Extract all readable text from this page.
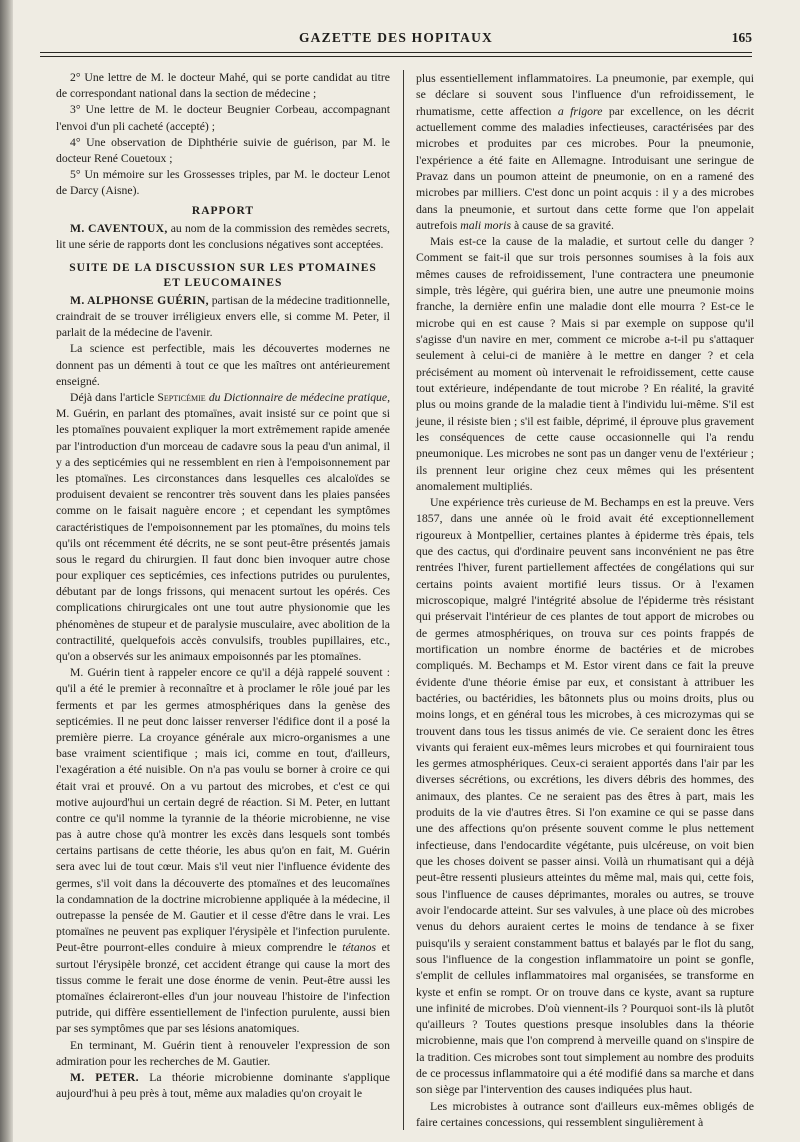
GAZETTE DES HOPITAUX	165

2° Une lettre de M. le docteur Mahé, qui se porte candidat au titre de correspondant national dans la section de médecine ;

3° Une lettre de M. le docteur Beugnier Corbeau, accompagnant l'envoi d'un pli cacheté (accepté) ;

4° Une observation de Diphthérie suivie de guérison, par M. le docteur René Couetoux ;

5° Un mémoire sur les Grossesses triples, par M. le docteur Lenot de Darcy (Aisne).

RAPPORT

M. CAVENTOUX, au nom de la commission des remèdes secrets, lit une série de rapports dont les conclusions négatives sont acceptées.

SUITE DE LA DISCUSSION SUR LES PTOMAINES
ET LEUCOMAINES

M. ALPHONSE GUÉRIN, partisan de la médecine traditionnelle, craindrait de se trouver irréligieux envers elle, si comme M. Peter, il parlait de la médecine de l'avenir.

La science est perfectible, mais les découvertes modernes ne donnent pas un démenti à tout ce que les maîtres ont antérieurement enseigné.

Déjà dans l'article Septicémie du Dictionnaire de médecine pratique, M. Guérin, en parlant des ptomaïnes, avait insisté sur ce point que si les ptomaïnes pouvaient expliquer la mort extrêmement rapide amenée par l'introduction d'un morceau de cadavre sous la peau d'un animal, il y a des septicémies qui ne ressemblent en rien à l'empoisonnement par les ptomaïnes. Les circonstances dans lesquelles ces alcaloïdes se produisent devaient se rencontrer très souvent dans les plaies pansées comme on le faisait naguère encore ; et cependant les symptômes caractéristiques de l'empoisonnement par les ptomaïnes, du moins tels qu'ils ont récemment été décrits, ne se sont peut-être présentés jamais sous le regard du chirurgien. Il faut donc bien invoquer autre chose pour expliquer ces septicémies, ces infections putrides ou purulentes, débutant par de longs frissons, qui menacent surtout les opérés. Ces complications chirurgicales ont une tout autre physionomie que les phénomènes de stupeur et de paralysie musculaire, avec abolition de la contractilité, quelquefois accès convulsifs, troubles pupillaires, etc., qu'on a observés sur les animaux empoisonnés par les ptomaïnes.

M. Guérin tient à rappeler encore ce qu'il a déjà rappelé souvent : qu'il a été le premier à reconnaître et à proclamer le rôle joué par les ferments et par les germes atmosphériques dans la genèse des septicémies. Il ne peut donc laisser renverser l'édifice dont il a posé la première pierre. La croyance générale aux micro-organismes a une base vraiment scientifique ; mais ici, comme en tout, d'ailleurs, l'exagération a été nuisible. On n'a pas voulu se borner à croire ce qui était vrai et prouvé. On a vu partout des microbes, et c'est ce qui motive aujourd'hui un certain degré de réaction. Si M. Peter, en luttant contre ce qu'il nomme la tyrannie de la théorie microbienne, ne vise pas à autre chose qu'à montrer les excès dans lesquels sont tombés certains partisans de cette théorie, les abus qu'on en fait, M. Guérin sera avec lui de tout cœur. Mais s'il veut nier l'influence évidente des germes, s'il voit dans la découverte des ptomaïnes et des leucomaïnes la condamnation de la doctrine microbienne appliquée à la médecine, il outrepasse la pensée de M. Gautier et il cesse d'être dans le vrai. Les ptomaïnes ne peuvent pas expliquer l'érysipèle et l'infection purulente. Peut-être pourront-elles conduire à mieux comprendre le tétanos et surtout l'érysipèle bronzé, cet accident étrange qui cause la mort des tissus comme le ferait une dose énorme de venin. Peut-être aussi les ptomaïnes éclaireront-elles d'un jour nouveau l'histoire de l'infection putride, qui diffère essentiellement de l'infection purulente, aussi bien par ses symptômes que par ses lésions anatomiques.

En terminant, M. Guérin tient à renouveler l'expression de son admiration pour les recherches de M. Gautier.

M. PETER. La théorie microbienne dominante s'applique aujourd'hui à peu près à tout, même aux maladies qu'on croyait le

plus essentiellement inflammatoires. La pneumonie, par exemple, qui se déclare si souvent sous l'influence d'un refroidissement, le rhumatisme, cette affection a frigore par excellence, on les décrit actuellement comme des maladies infectieuses, caractérisées par des microbes et produites par ces microbes. Pour la pneumonie, l'expérience a été faite en Allemagne. Introduisant une seringue de Pravaz dans un poumon atteint de pneumonie, on en a ramené des microbes par milliers. C'est donc un point acquis : il y a des microbes dans la pneumonie, et surtout dans cette forme que l'on appelait autrefois mali moris à cause de sa gravité.

Mais est-ce la cause de la maladie, et surtout celle du danger ? Comment se fait-il que sur trois personnes soumises à la fois aux mêmes causes de refroidissement, l'une contractera une pneumonie simple, très légère, qui guérira bien, une autre une pneumonie moins franche, la dernière enfin une maladie dont elle mourra ? Est-ce le microbe qui en est cause ? Mais si par exemple on suppose qu'il s'agisse d'un navire en mer, comment ce microbe a-t-il pu s'attaquer seulement à celui-ci de manière à le mettre en danger ? et cela précisément au moment où intervenait le refroidissement, cette cause tout extérieure, indépendante de tout microbe ? En réalité, la gravité plus ou moins grande de la maladie tient à l'individu lui-même. S'il est jeune, il résiste bien ; s'il est faible, déprimé, il éprouve plus gravement les conséquences de cette cause occasionnelle qui l'a rendu pneumonique. Les microbes ne sont pas un danger venu de l'extérieur ; ils prennent leur origine chez ceux mêmes qui les présentent anomalement multipliés.

Une expérience très curieuse de M. Bechamps en est la preuve. Vers 1857, dans une année où le froid avait été exceptionnellement rigoureux à Montpellier, certaines plantes à épiderme très épais, tels que des cactus, qui d'ordinaire peuvent sans inconvénient ne pas être rentrées l'hiver, furent partiellement affectées de congélations qui sur certains points avaient mortifié leurs tissus. Or à l'examen microscopique, malgré l'intégrité absolue de l'épiderme très résistant qui préservait l'intérieur de ces plantes de tout apport de microbes ou de germes atmosphériques, on trouva sur ces points frappés de mortification un nombre énorme de bactéries et de microbes compliqués. M. Bechamps et M. Estor virent dans ce fait la preuve évidente d'une théorie émise par eux, et consistant à attribuer les bactéries, ou bactéridies, les bâtonnets plus ou moins droits, plus ou moins longs, et en général tous les microbes, à ces microzymas qui se trouvent dans tous les tissus animés de vie. Ce seraient donc les êtres vivants qui feraient eux-mêmes leurs microbes et qui fourniraient tous les germes atmosphériques. Ceux-ci seraient apportés dans l'air par les diverses sécrétions, ou excrétions, les divers débris des hommes, des animaux, des plantes. Ce ne seraient pas des êtres à part, mais les produits de la vie d'autres êtres. Si l'on examine ce qui se passe dans une des affections qu'on présente souvent comme le plus nettement infectieuse, dans l'endocardite végétante, puis ulcéreuse, on voit bien que les choses doivent se passer ainsi. Voilà un rhumatisant qui a déjà peut-être ressenti plusieurs atteintes du même mal, mais qui, cette fois, sous l'influence de causes déprimantes, morales ou autres, se trouve avoir l'endocarde atteint. Sur ses valvules, à une place où des microbes venus du dehors auraient certes le moins de tendance à se fixer puisqu'ils y seraient constamment battus et balayés par le flot du sang, sous l'influence de la congestion inflammatoire un point se gonfle, s'emplit de cellules inflammatoires mal organisées, se transforme en kyste et enfin se rompt. Or on trouve dans ce kyste, avant sa rupture une infinité de microbes. D'où viennent-ils ? Pourquoi sont-ils là plutôt qu'ailleurs ? Toutes questions presque insolubles dans la théorie microbienne, mais que l'on comprend à merveille quand on s'inspire de la tradition. Ces microbes sont tout simplement au nombre des produits de ce processus inflammatoire qui a été modifié dans sa marche et dans son siège par l'intervention des causes indiquées plus haut.

Les microbistes à outrance sont d'ailleurs eux-mêmes obligés de faire certaines concessions, qui ressemblent singulièrement à
